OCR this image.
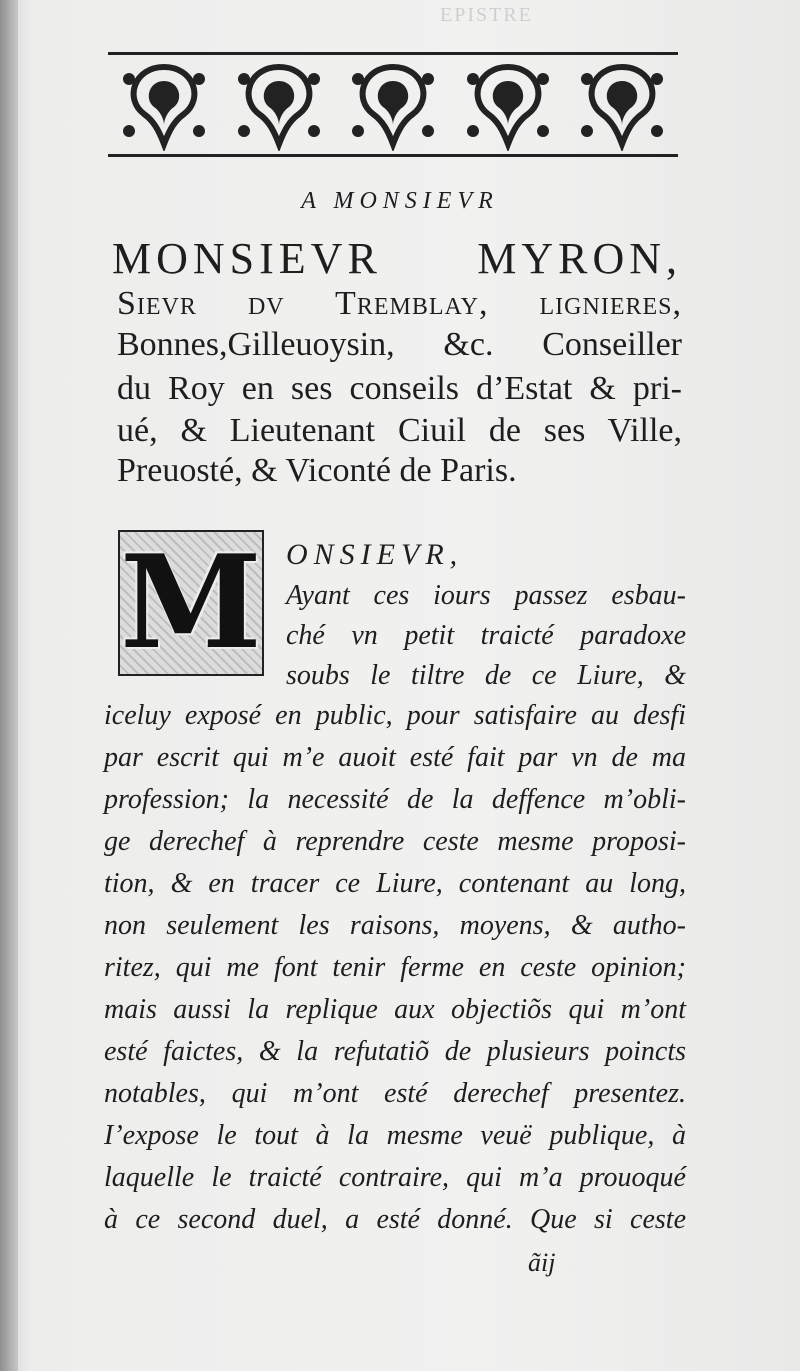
EPISTRE
A MONSIEVR
MONSIEVR MYRON,
Sievr dv Tremblay, lignieres,
Bonnes,Gilleuoysin, &c. Conseiller
du Roy en ses conseils d’Estat & pri-
ué, & Lieutenant Ciuil de ses Ville,
Preuosté, & Viconté de Paris.
M ONSIEVR,
Ayant ces iours passez esbau-
ché vn petit traicté paradoxe
soubs le tiltre de ce Liure, &
iceluy exposé en public, pour satisfaire au desfi
par escrit qui m’e auoit esté fait par vn de ma
profession; la necessité de la deffence m’obli-
ge derechef à reprendre ceste mesme proposi-
tion, & en tracer ce Liure, contenant au long,
non seulement les raisons, moyens, & autho-
ritez, qui me font tenir ferme en ceste opinion;
mais aussi la replique aux objectiõs qui m’ont
esté faictes, & la refutatiõ de plusieurs poincts
notables, qui m’ont esté derechef presentez.
I’expose le tout à la mesme veuë publique, à
laquelle le traicté contraire, qui m’a prouoqué
à ce second duel, a esté donné. Que si ceste
ãij
